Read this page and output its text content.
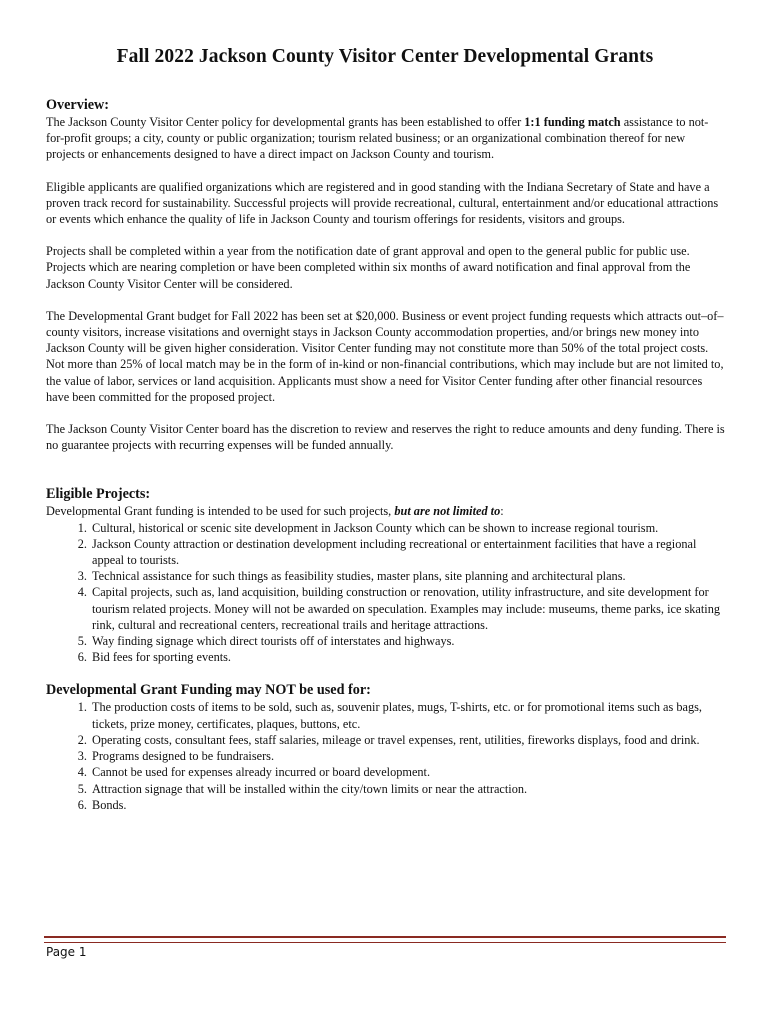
Fall 2022 Jackson County Visitor Center Developmental Grants
Overview:

The Jackson County Visitor Center policy for developmental grants has been established to offer 1:1 funding match assistance to not-for-profit groups; a city, county or public organization; tourism related business; or an organizational combination thereof for new projects or enhancements designed to have a direct impact on Jackson County and tourism.

Eligible applicants are qualified organizations which are registered and in good standing with the Indiana Secretary of State and have a proven track record for sustainability. Successful projects will provide recreational, cultural, entertainment and/or educational attractions or events which enhance the quality of life in Jackson County and tourism offerings for residents, visitors and groups.

Projects shall be completed within a year from the notification date of grant approval and open to the general public for public use. Projects which are nearing completion or have been completed within six months of award notification and final approval from the Jackson County Visitor Center will be considered.

The Developmental Grant budget for Fall 2022 has been set at $20,000. Business or event project funding requests which attracts out–of–county visitors, increase visitations and overnight stays in Jackson County accommodation properties, and/or brings new money into Jackson County will be given higher consideration. Visitor Center funding may not constitute more than 50% of the total project costs. Not more than 25% of local match may be in the form of in-kind or non-financial contributions, which may include but are not limited to, the value of labor, services or land acquisition. Applicants must show a need for Visitor Center funding after other financial resources have been committed for the proposed project.

The Jackson County Visitor Center board has the discretion to review and reserves the right to reduce amounts and deny funding. There is no guarantee projects with recurring expenses will be funded annually.

Eligible Projects:

Developmental Grant funding is intended to be used for such projects, but are not limited to:

1. Cultural, historical or scenic site development in Jackson County which can be shown to increase regional tourism.
2. Jackson County attraction or destination development including recreational or entertainment facilities that have a regional appeal to tourists.
3. Technical assistance for such things as feasibility studies, master plans, site planning and architectural plans.
4. Capital projects, such as, land acquisition, building construction or renovation, utility infrastructure, and site development for tourism related projects. Money will not be awarded on speculation. Examples may include: museums, theme parks, ice skating rink, cultural and recreational centers, recreational trails and heritage attractions.
5. Way finding signage which direct tourists off of interstates and highways.
6. Bid fees for sporting events.
Developmental Grant Funding may NOT be used for:
1. The production costs of items to be sold, such as, souvenir plates, mugs, T-shirts, etc. or for promotional items such as bags, tickets, prize money, certificates, plaques, buttons, etc.
2. Operating costs, consultant fees, staff salaries, mileage or travel expenses, rent, utilities, fireworks displays, food and drink.
3. Programs designed to be fundraisers.
4. Cannot be used for expenses already incurred or board development.
5. Attraction signage that will be installed within the city/town limits or near the attraction.
6. Bonds.
Page 1
